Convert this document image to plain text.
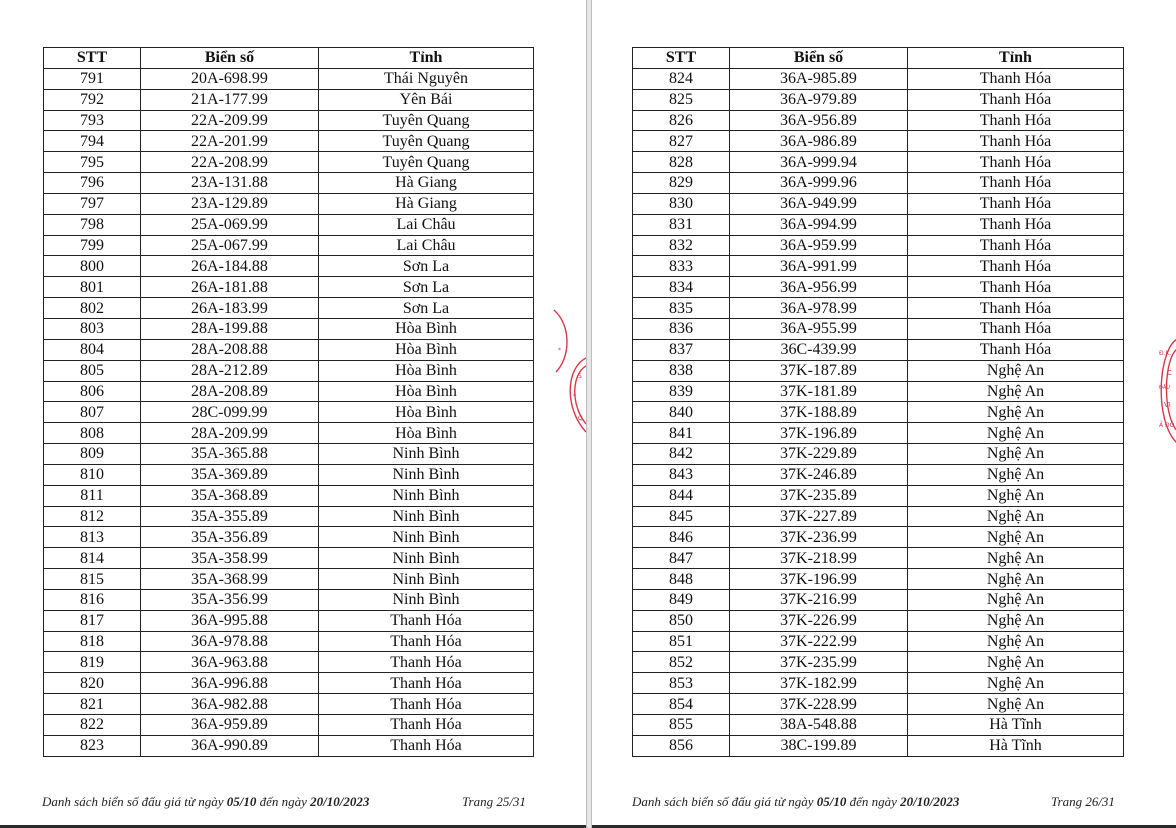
STT	Biển số	Tỉnh
791	20A-698.99	Thái Nguyên
792	21A-177.99	Yên Bái
793	22A-209.99	Tuyên Quang
794	22A-201.99	Tuyên Quang
795	22A-208.99	Tuyên Quang
796	23A-131.88	Hà Giang
797	23A-129.89	Hà Giang
798	25A-069.99	Lai Châu
799	25A-067.99	Lai Châu
800	26A-184.88	Sơn La
801	26A-181.88	Sơn La
802	26A-183.99	Sơn La
803	28A-199.88	Hòa Bình
804	28A-208.88	Hòa Bình
805	28A-212.89	Hòa Bình
806	28A-208.89	Hòa Bình
807	28C-099.99	Hòa Bình
808	28A-209.99	Hòa Bình
809	35A-365.88	Ninh Bình
810	35A-369.89	Ninh Bình
811	35A-368.89	Ninh Bình
812	35A-355.89	Ninh Bình
813	35A-356.89	Ninh Bình
814	35A-358.99	Ninh Bình
815	35A-368.99	Ninh Bình
816	35A-356.99	Ninh Bình
817	36A-995.88	Thanh Hóa
818	36A-978.88	Thanh Hóa
819	36A-963.88	Thanh Hóa
820	36A-996.88	Thanh Hóa
821	36A-982.88	Thanh Hóa
822	36A-959.89	Thanh Hóa
823	36A-990.89	Thanh Hóa
*
S
*
Q
Danh sách biển số đấu giá từ ngày 05/10 đến ngày 20/10/2023	Trang 25/31
STT	Biển số	Tỉnh
824	36A-985.89	Thanh Hóa
825	36A-979.89	Thanh Hóa
826	36A-956.89	Thanh Hóa
827	36A-986.89	Thanh Hóa
828	36A-999.94	Thanh Hóa
829	36A-999.96	Thanh Hóa
830	36A-949.99	Thanh Hóa
831	36A-994.99	Thanh Hóa
832	36A-959.99	Thanh Hóa
833	36A-991.99	Thanh Hóa
834	36A-956.99	Thanh Hóa
835	36A-978.99	Thanh Hóa
836	36A-955.99	Thanh Hóa
837	36C-439.99	Thanh Hóa
838	37K-187.89	Nghệ An
839	37K-181.89	Nghệ An
840	37K-188.89	Nghệ An
841	37K-196.89	Nghệ An
842	37K-229.89	Nghệ An
843	37K-246.89	Nghệ An
844	37K-235.89	Nghệ An
845	37K-227.89	Nghệ An
846	37K-236.99	Nghệ An
847	37K-218.99	Nghệ An
848	37K-196.99	Nghệ An
849	37K-216.99	Nghệ An
850	37K-226.99	Nghệ An
851	37K-222.99	Nghệ An
852	37K-235.99	Nghệ An
853	37K-182.99	Nghệ An
854	37K-228.99	Nghệ An
855	38A-548.88	Hà Tĩnh
856	38C-199.89	Hà Tĩnh
Đ.K.
C
ĐẤU
VI
Ả ĐỒ
Danh sách biển số đấu giá từ ngày 05/10 đến ngày 20/10/2023	Trang 26/31
